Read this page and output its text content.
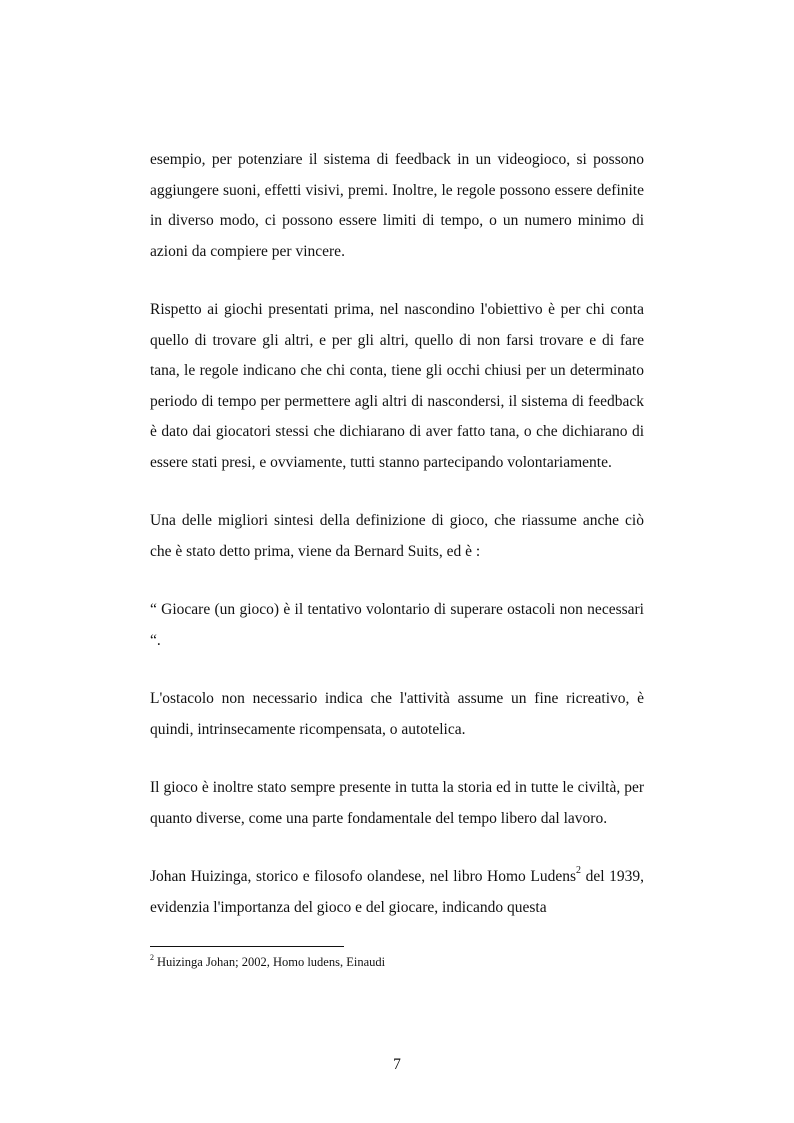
esempio, per potenziare il sistema di feedback in un videogioco, si possono aggiungere suoni, effetti visivi, premi. Inoltre, le regole possono essere definite in diverso modo, ci possono essere limiti di tempo, o un numero minimo di azioni da compiere per vincere.

Rispetto ai giochi presentati prima, nel nascondino l'obiettivo è per chi conta quello di trovare gli altri, e per gli altri, quello di non farsi trovare e di fare tana, le regole indicano che chi conta, tiene gli occhi chiusi per un determinato periodo di tempo per permettere agli altri di nascondersi, il sistema di feedback è dato dai giocatori stessi che dichiarano di aver fatto tana, o che dichiarano di essere stati presi, e ovviamente, tutti stanno partecipando volontariamente.

Una delle migliori sintesi della definizione di gioco, che riassume anche ciò che è stato detto prima, viene da Bernard Suits, ed è :

“ Giocare (un gioco) è il tentativo volontario di superare ostacoli non necessari “.

L'ostacolo non necessario indica che l'attività assume un fine ricreativo, è quindi, intrinsecamente ricompensata, o autotelica.

Il gioco è inoltre stato sempre presente in tutta la storia ed in tutte le civiltà, per quanto diverse, come una parte fondamentale del tempo libero dal lavoro.

Johan Huizinga, storico e filosofo olandese, nel libro Homo Ludens$^2$ del 1939, evidenzia l'importanza del gioco e del giocare, indicando questa

$^2$ Huizinga Johan; 2002, Homo ludens, Einaudi
7
